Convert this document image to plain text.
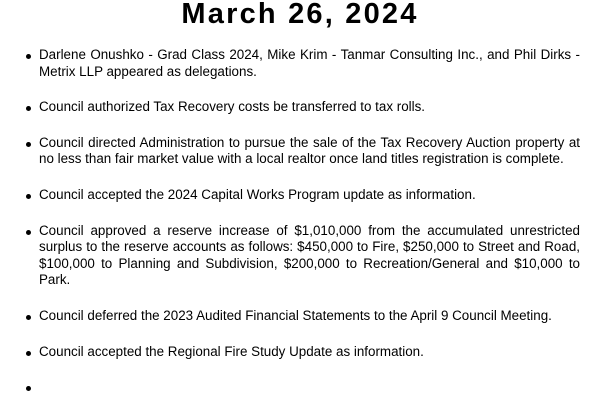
March 26, 2024
Darlene Onushko - Grad Class 2024, Mike Krim - Tanmar Consulting Inc., and Phil Dirks - Metrix LLP appeared as delegations.
Council authorized Tax Recovery costs be transferred to tax rolls.
Council directed Administration to pursue the sale of the Tax Recovery Auction property at no less than fair market value with a local realtor once land titles registration is complete.
Council accepted the 2024 Capital Works Program update as information.
Council approved a reserve increase of $1,010,000 from the accumulated unrestricted surplus to the reserve accounts as follows: $450,000 to Fire, $250,000 to Street and Road, $100,000 to Planning and Subdivision, $200,000 to Recreation/General and $10,000 to Park.
Council deferred the 2023 Audited Financial Statements to the April 9 Council Meeting.
Council accepted the Regional Fire Study Update as information.
